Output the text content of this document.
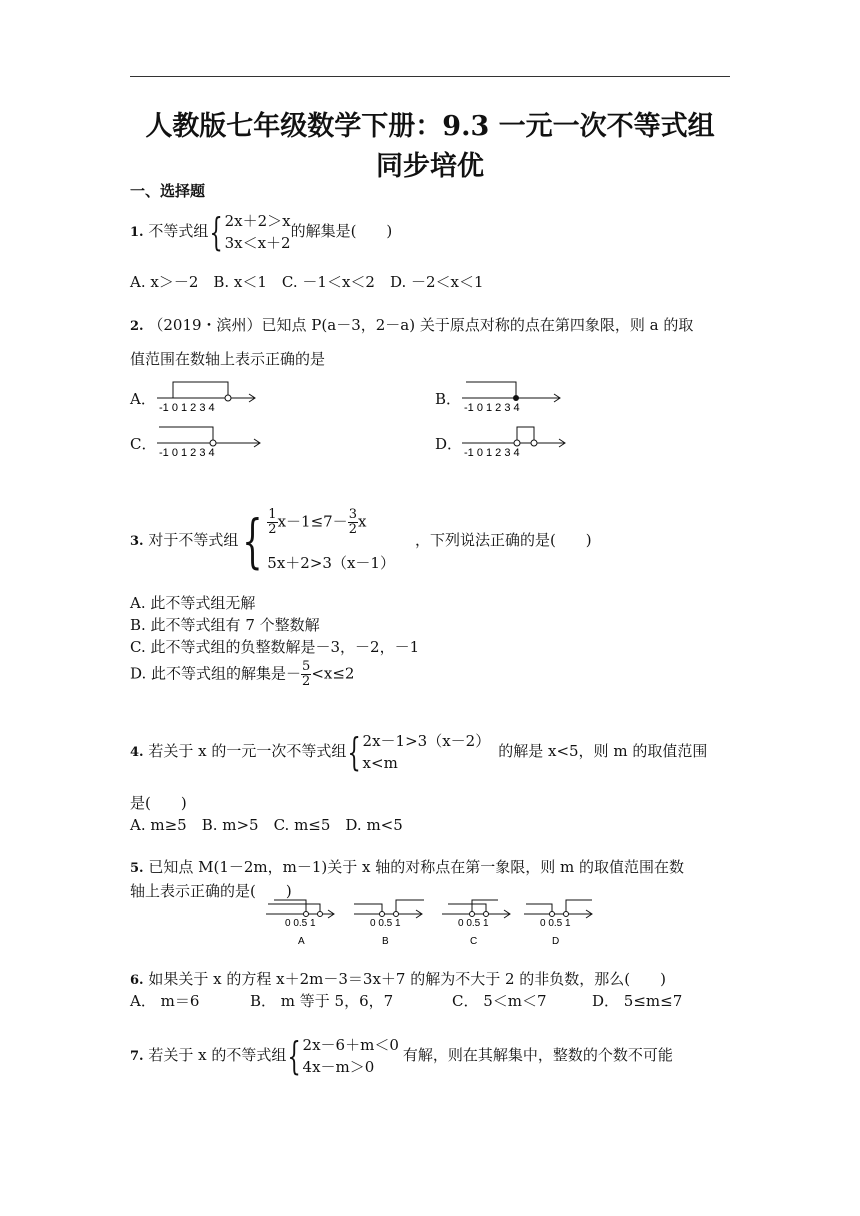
人教版七年级数学下册：9.3 一元一次不等式组
同步培优
一、选择题
1. 不等式组{ 2x＋2＞x
3x＜x＋2
的解集是(　　)
A. x＞－2　B. x＜1　C. －1＜x＜2　D. －2＜x＜1
2. （2019・滨州）已知点 P(a－3，2－a) 关于原点对称的点在第四象限，则 a 的取
值范围在数轴上表示正确的是
A． -1 0 1 2 3 4	B． -1 0 1 2 3 4
C． -1 0 1 2 3 4	D． -1 0 1 2 3 4
3. 对于不等式组{ $\frac{1}{2} x-1\le 7- \frac{3}{2}$ x
5x＋2>3（x－1）
，下列说法正确的是(　　)
A. 此不等式组无解
B. 此不等式组有 7 个整数解
C. 此不等式组的负整数解是－3，－2，－1
D. 此不等式组的解集是－ $\frac{5}{2} <x\le 2$
4. 若关于 x 的一元一次不等式组{ 2x－1>3（x－2）
x<m
的解是 x<5，则 m 的取值范围
是(　　)
A. m≥5　B. m>5　C. m≤5　D. m<5
5. 已知点 M(1－2m，m－1)关于 x 轴的对称点在第一象限，则 m 的取值范围在数
轴上表示正确的是(　　)
0 0.5 1
A
0 0.5 1
B
0 0.5 1
C
0 0.5 1
D
6. 如果关于 x 的方程 x＋2m－3＝3x＋7 的解为不大于 2 的非负数，那么(　　)
A． m＝6	B． m 等于 5，6，7	C． 5＜m＜7	D． 5≤m≤7
7. 若关于 x 的不等式组{ 2x－6＋m＜0
4x－m＞0
有解，则在其解集中，整数的个数不可能
